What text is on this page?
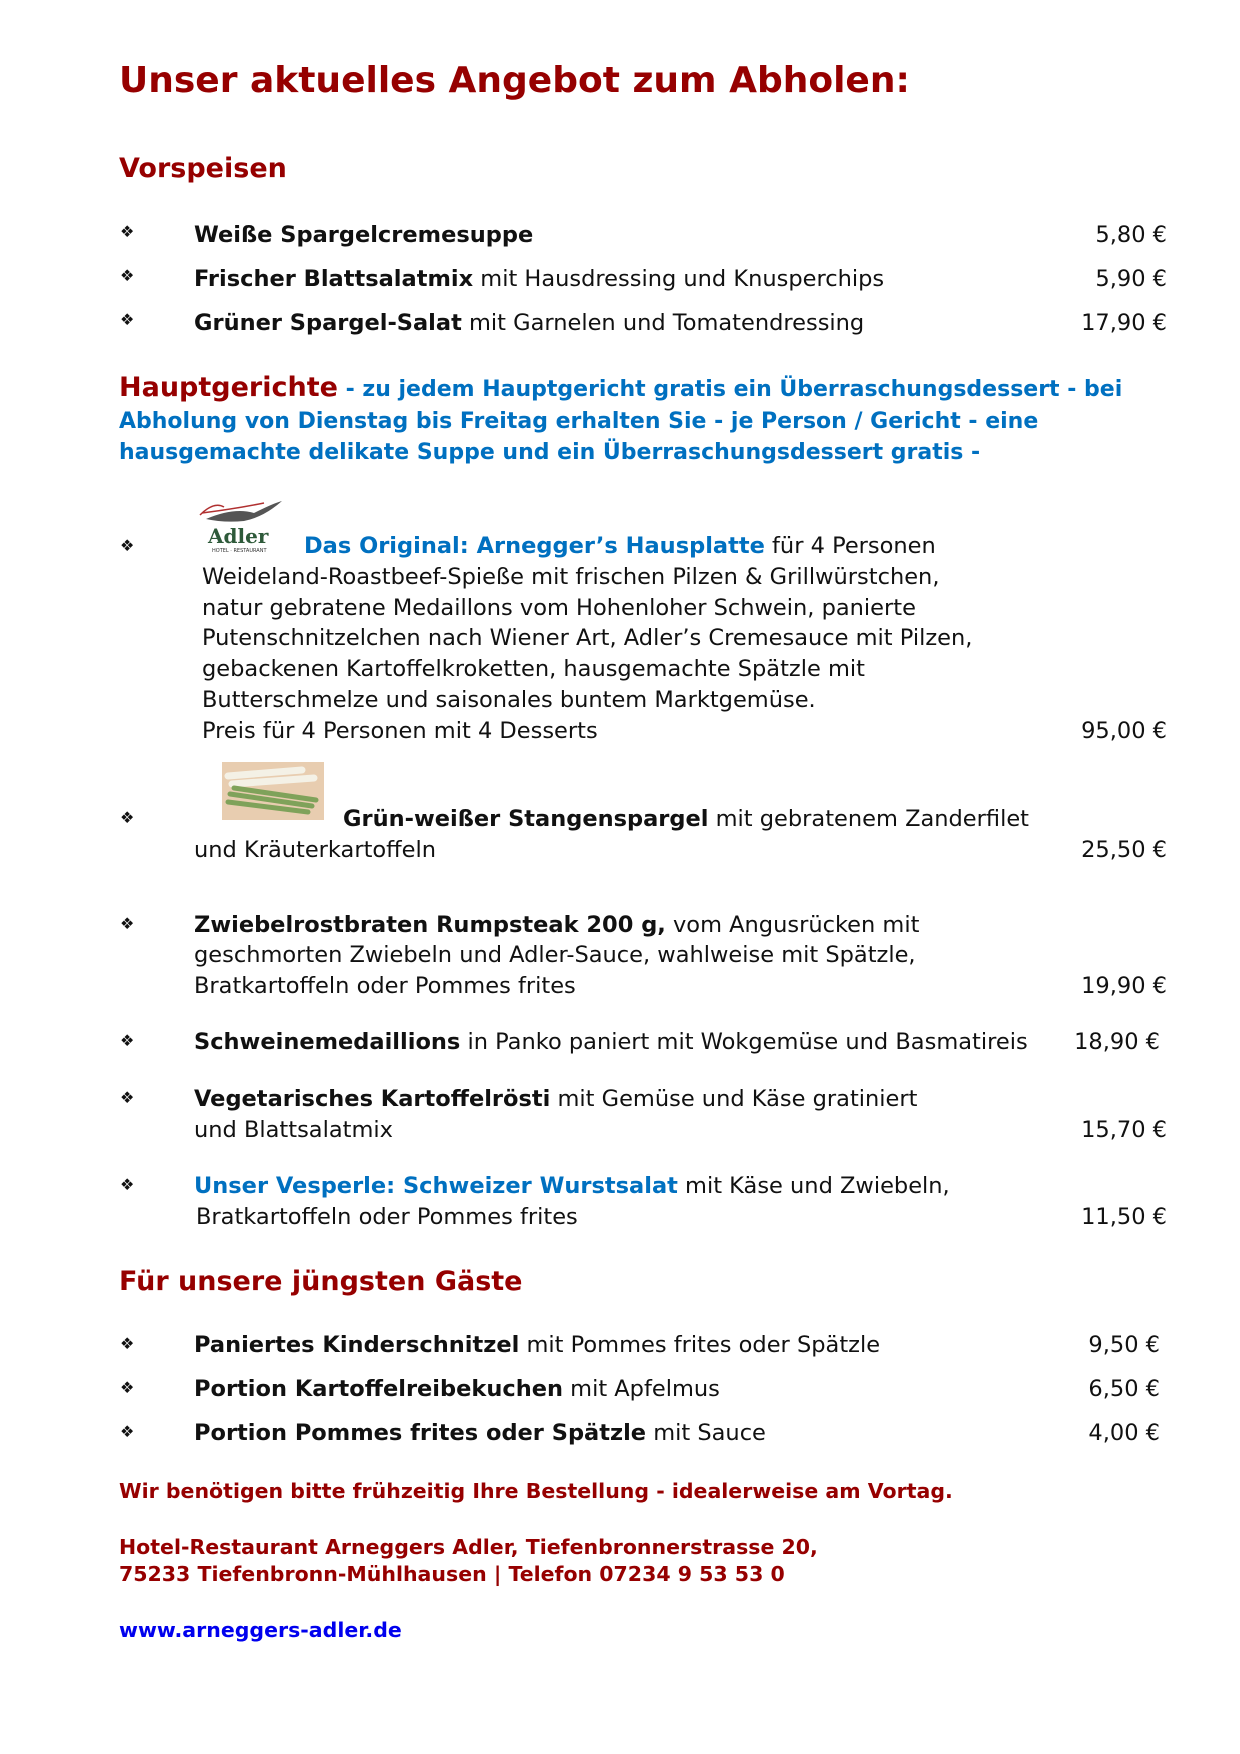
Unser aktuelles Angebot zum Abholen:
Vorspeisen
❖	Weiße Spargelcremesuppe	5,80 €
❖	Frischer Blattsalatmix mit Hausdressing und Knusperchips	5,90 €
❖	Grüner Spargel-Salat mit Garnelen und Tomatendressing	17,90 €
Hauptgerichte - zu jedem Hauptgericht gratis ein Überraschungsdessert - bei
Abholung von Dienstag bis Freitag erhalten Sie - je Person / Gericht - eine
hausgemachte delikate Suppe und ein Überraschungsdessert gratis -
Adler
HOTEL · RESTAURANT
❖	Das Original: Arnegger’s Hausplatte für 4 Personen
Weideland-Roastbeef-Spieße mit frischen Pilzen & Grillwürstchen,
natur gebratene Medaillons vom Hohenloher Schwein, panierte
Putenschnitzelchen nach Wiener Art, Adler’s Cremesauce mit Pilzen,
gebackenen Kartoffelkroketten, hausgemachte Spätzle mit
Butterschmelze und saisonales buntem Marktgemüse.
Preis für 4 Personen mit 4 Desserts	95,00 €
❖	Grün-weißer Stangenspargel mit gebratenem Zanderfilet
und Kräuterkartoffeln	25,50 €
❖	Zwiebelrostbraten Rumpsteak 200 g, vom Angusrücken mit
geschmorten Zwiebeln und Adler-Sauce, wahlweise mit Spätzle,
Bratkartoffeln oder Pommes frites	19,90 €
❖	Schweinemedaillions in Panko paniert mit Wokgemüse und Basmatireis 18,90 €
❖	Vegetarisches Kartoffelrösti mit Gemüse und Käse gratiniert
und Blattsalatmix	15,70 €
❖	Unser Vesperle: Schweizer Wurstsalat mit Käse und Zwiebeln,
Bratkartoffeln oder Pommes frites	11,50 €
Für unsere jüngsten Gäste
❖	Paniertes Kinderschnitzel mit Pommes frites oder Spätzle	9,50 €
❖	Portion Kartoffelreibekuchen mit Apfelmus	6,50 €
❖	Portion Pommes frites oder Spätzle mit Sauce	4,00 €
Wir benötigen bitte frühzeitig Ihre Bestellung - idealerweise am Vortag.
Hotel-Restaurant Arneggers Adler, Tiefenbronnerstrasse 20,
75233 Tiefenbronn-Mühlhausen | Telefon 07234 9 53 53 0
www.arneggers-adler.de
